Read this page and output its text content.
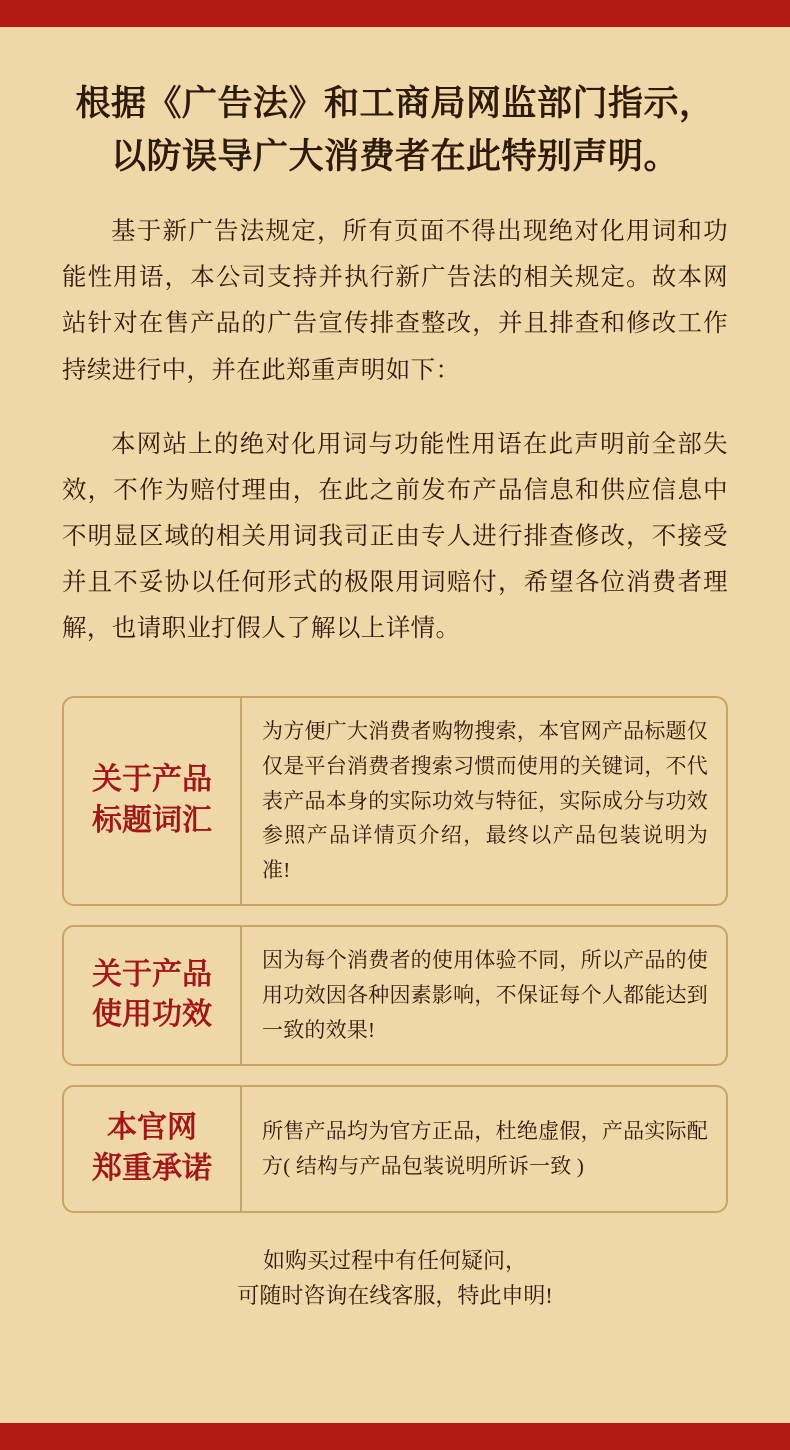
根据《广告法》和工商局网监部门指示，
以防误导广大消费者在此特别声明。
基于新广告法规定，所有页面不得出现绝对化用词和功能性用语，本公司支持并执行新广告法的相关规定。故本网站针对在售产品的广告宣传排查整改，并且排查和修改工作持续进行中，并在此郑重声明如下：
本网站上的绝对化用词与功能性用语在此声明前全部失效，不作为赔付理由，在此之前发布产品信息和供应信息中不明显区域的相关用词我司正由专人进行排查修改，不接受并且不妥协以任何形式的极限用词赔付，希望各位消费者理解，也请职业打假人了解以上详情。
关于产品
标题词汇
为方便广大消费者购物搜索，本官网产品标题仅仅是平台消费者搜索习惯而使用的关键词，不代表产品本身的实际功效与特征，实际成分与功效参照产品详情页介绍，最终以产品包装说明为准!
关于产品
使用功效
因为每个消费者的使用体验不同，所以产品的使用功效因各种因素影响，不保证每个人都能达到一致的效果!
本官网
郑重承诺
所售产品均为官方正品，杜绝虚假，产品实际配方( 结构与产品包装说明所诉一致 )
如购买过程中有任何疑问，
可随时咨询在线客服，特此申明!
